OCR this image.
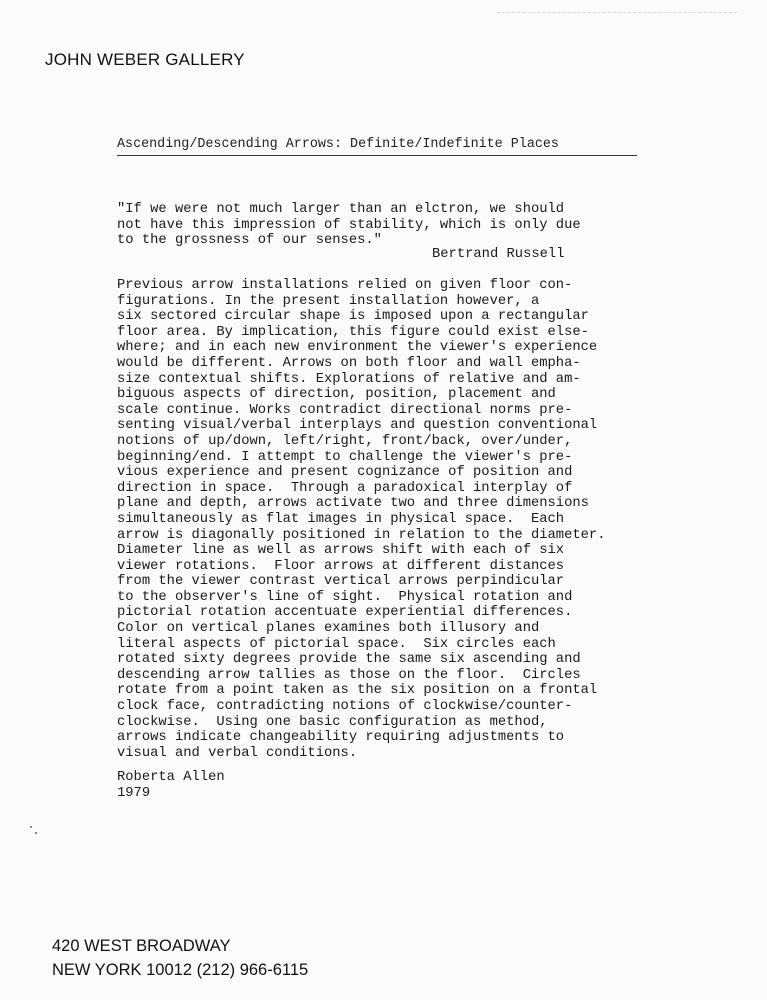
JOHN WEBER GALLERY
Ascending/Descending Arrows: Definite/Indefinite Places
"If we were not much larger than an elctron, we should
not have this impression of stability, which is only due
to the grossness of our senses."
Bertrand Russell
Previous arrow installations relied on given floor con-
figurations. In the present installation however, a
six sectored circular shape is imposed upon a rectangular
floor area. By implication, this figure could exist else-
where; and in each new environment the viewer's experience
would be different. Arrows on both floor and wall empha-
size contextual shifts. Explorations of relative and am-
biguous aspects of direction, position, placement and
scale continue. Works contradict directional norms pre-
senting visual/verbal interplays and question conventional
notions of up/down, left/right, front/back, over/under,
beginning/end. I attempt to challenge the viewer's pre-
vious experience and present cognizance of position and
direction in space.  Through a paradoxical interplay of
plane and depth, arrows activate two and three dimensions
simultaneously as flat images in physical space.  Each
arrow is diagonally positioned in relation to the diameter.
Diameter line as well as arrows shift with each of six
viewer rotations.  Floor arrows at different distances
from the viewer contrast vertical arrows perpindicular
to the observer's line of sight.  Physical rotation and
pictorial rotation accentuate experiential differences.
Color on vertical planes examines both illusory and
literal aspects of pictorial space.  Six circles each
rotated sixty degrees provide the same six ascending and
descending arrow tallies as those on the floor.  Circles
rotate from a point taken as the six position on a frontal
clock face, contradicting notions of clockwise/counter-
clockwise.  Using one basic configuration as method,
arrows indicate changeability requiring adjustments to
visual and verbal conditions.
Roberta Allen
1979
420 WEST BROADWAY
NEW YORK 10012 (212) 966-6115
